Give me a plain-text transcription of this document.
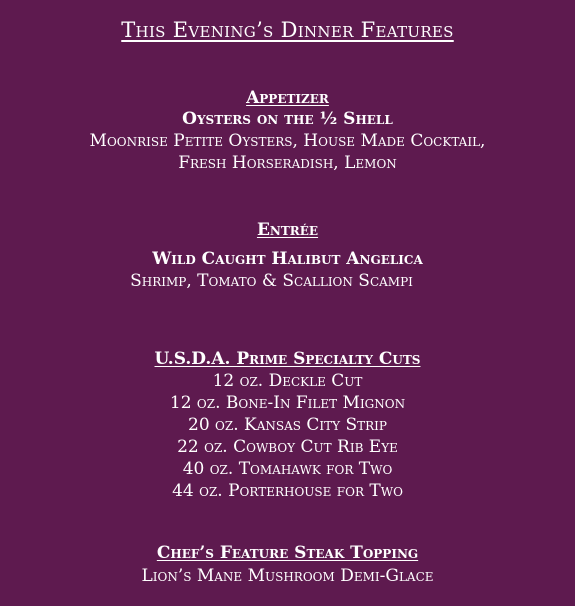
This Evening’s Dinner Features
Appetizer
Oysters on the ½ Shell
Moonrise Petite Oysters, House Made Cocktail,
Fresh Horseradish, Lemon
Entrée
Wild Caught Halibut Angelica
Shrimp, Tomato & Scallion Scampi
U.S.D.A. Prime Specialty Cuts
12 oz. Deckle Cut
12 oz. Bone-In Filet Mignon
20 oz. Kansas City Strip
22 oz. Cowboy Cut Rib Eye
40 oz. Tomahawk for Two
44 oz. Porterhouse for Two
Chef’s Feature Steak Topping
Lion’s Mane Mushroom Demi-Glace
